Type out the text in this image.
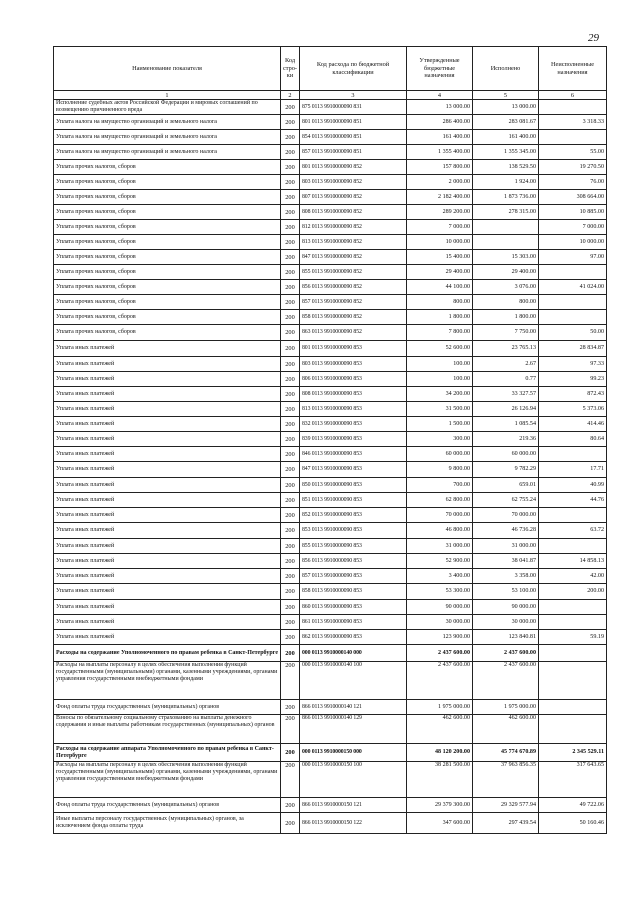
29
Наименование показателя	Код стро-ки	Код расхода по бюджетной классификации	Утвержденные бюджетные назначения	Исполнено	Неисполненные назначения
1	2	3	4	5	6
Исполнение судебных актов Российской Федерации и мировых соглашений по возмещению причиненного вреда	200	875 0113 9910000090 831	13 000.00	13 000.00	
Уплата налога на имущество организаций и земельного налога	200	801 0113 9910000090 851	286 400.00	283 081.67	3 318.33
Уплата налога на имущество организаций и земельного налога	200	854 0113 9910000090 851	161 400.00	161 400.00	
Уплата налога на имущество организаций и земельного налога	200	857 0113 9910000090 851	1 355 400.00	1 355 345.00	55.00
Уплата прочих налогов, сборов	200	801 0113 9910000090 852	157 800.00	138 529.50	19 270.50
Уплата прочих налогов, сборов	200	803 0113 9910000090 852	2 000.00	1 924.00	76.00
Уплата прочих налогов, сборов	200	807 0113 9910000090 852	2 182 400.00	1 873 736.00	308 664.00
Уплата прочих налогов, сборов	200	808 0113 9910000090 852	289 200.00	278 315.00	10 885.00
Уплата прочих налогов, сборов	200	812 0113 9910000090 852	7 000.00		7 000.00
Уплата прочих налогов, сборов	200	813 0113 9910000090 852	10 000.00		10 000.00
Уплата прочих налогов, сборов	200	847 0113 9910000090 852	15 400.00	15 303.00	97.00
Уплата прочих налогов, сборов	200	855 0113 9910000090 852	29 400.00	29 400.00	
Уплата прочих налогов, сборов	200	856 0113 9910000090 852	44 100.00	3 076.00	41 024.00
Уплата прочих налогов, сборов	200	857 0113 9910000090 852	800.00	800.00	
Уплата прочих налогов, сборов	200	858 0113 9910000090 852	1 800.00	1 800.00	
Уплата прочих налогов, сборов	200	863 0113 9910000090 852	7 800.00	7 750.00	50.00
Уплата иных платежей	200	801 0113 9910000090 853	52 600.00	23 765.13	28 834.87
Уплата иных платежей	200	803 0113 9910000090 853	100.00	2.67	97.33
Уплата иных платежей	200	806 0113 9910000090 853	100.00	0.77	99.23
Уплата иных платежей	200	808 0113 9910000090 853	34 200.00	33 327.57	872.43
Уплата иных платежей	200	813 0113 9910000090 853	31 500.00	26 126.94	5 373.06
Уплата иных платежей	200	832 0113 9910000090 853	1 500.00	1 085.54	414.46
Уплата иных платежей	200	839 0113 9910000090 853	300.00	219.36	80.64
Уплата иных платежей	200	846 0113 9910000090 853	60 000.00	60 000.00	
Уплата иных платежей	200	847 0113 9910000090 853	9 800.00	9 782.29	17.71
Уплата иных платежей	200	850 0113 9910000090 853	700.00	659.01	40.99
Уплата иных платежей	200	851 0113 9910000090 853	62 800.00	62 755.24	44.76
Уплата иных платежей	200	852 0113 9910000090 853	70 000.00	70 000.00	
Уплата иных платежей	200	853 0113 9910000090 853	46 800.00	46 736.28	63.72
Уплата иных платежей	200	855 0113 9910000090 853	31 000.00	31 000.00	
Уплата иных платежей	200	856 0113 9910000090 853	52 900.00	38 041.87	14 858.13
Уплата иных платежей	200	857 0113 9910000090 853	3 400.00	3 358.00	42.00
Уплата иных платежей	200	858 0113 9910000090 853	53 300.00	53 100.00	200.00
Уплата иных платежей	200	860 0113 9910000090 853	90 000.00	90 000.00	
Уплата иных платежей	200	861 0113 9910000090 853	30 000.00	30 000.00	
Уплата иных платежей	200	862 0113 9910000090 853	123 900.00	123 840.81	59.19
Расходы на содержание Уполномоченного по правам ребенка в Санкт-Петербурге	200	000 0113 9910000140 000	2 437 600.00	2 437 600.00	
Расходы на выплаты персоналу в целях обеспечения выполнения функций государственными (муниципальными) органами, казенными учреждениями, органами управления государственными внебюджетными фондами	200	000 0113 9910000140 100	2 437 600.00	2 437 600.00	
Фонд оплаты труда государственных (муниципальных) органов	200	866 0113 9910000140 121	1 975 000.00	1 975 000.00	
Взносы по обязательному социальному страхованию на выплаты денежного содержания и иные выплаты работникам государственных (муниципальных) органов	200	866 0113 9910000140 129	462 600.00	462 600.00	
Расходы на содержание аппарата Уполномоченного по правам ребенка в Санкт-Петербурге	200	000 0113 9910000150 000	48 120 200.00	45 774 670.89	2 345 529.11
Расходы на выплаты персоналу в целях обеспечения выполнения функций государственными (муниципальными) органами, казенными учреждениями, органами управления государственными внебюджетными фондами	200	000 0113 9910000150 100	38 281 500.00	37 963 856.35	317 643.65
Фонд оплаты труда государственных (муниципальных) органов	200	866 0113 9910000150 121	29 379 300.00	29 329 577.94	49 722.06
Иные выплаты персоналу государственных (муниципальных) органов, за исключением фонда оплаты труда	200	866 0113 9910000150 122	347 600.00	297 439.54	50 160.46
